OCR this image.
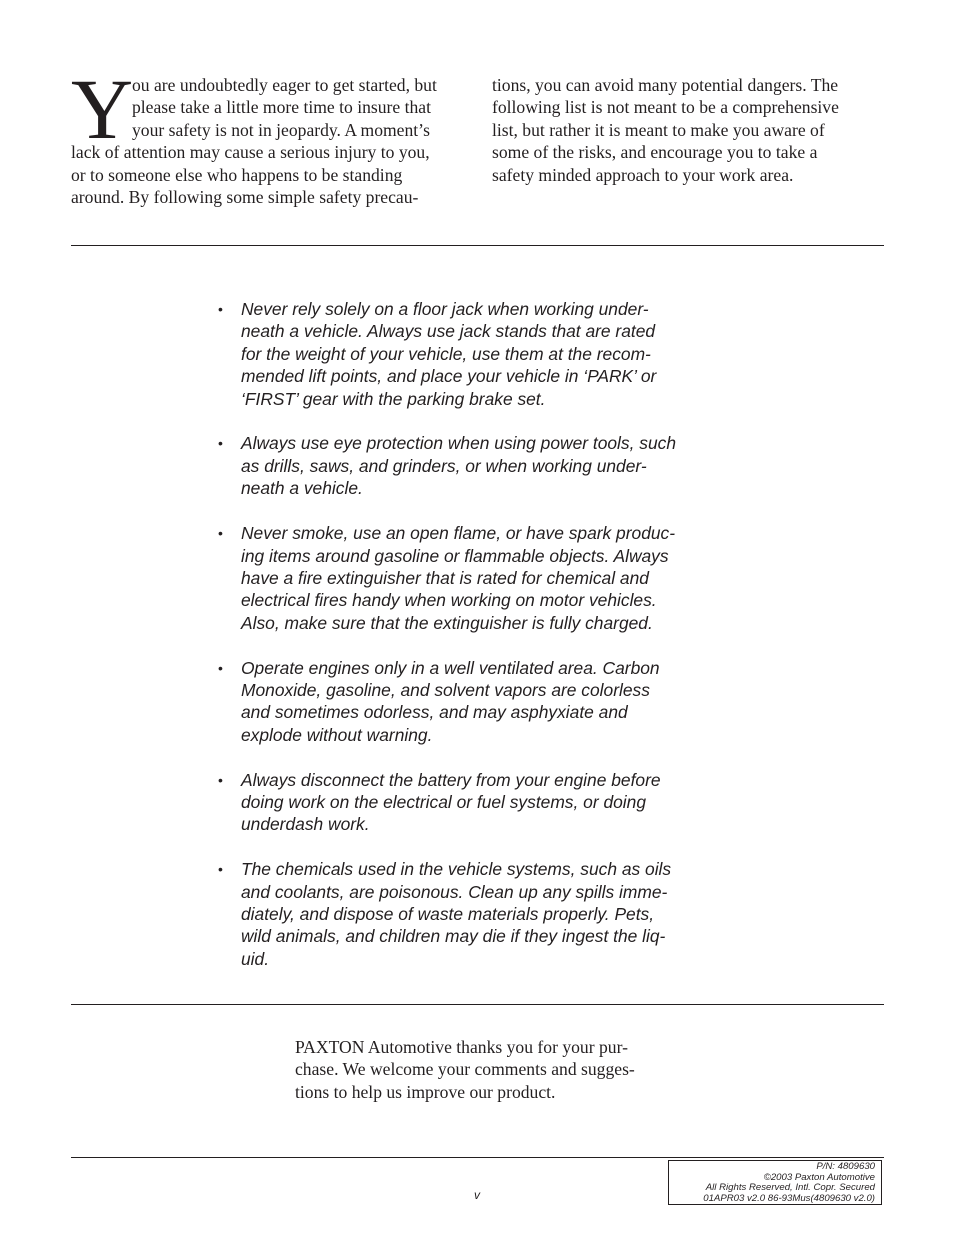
Y
ou are undoubtedly eager to get started, but
please take a little more time to insure that
your safety is not in jeopardy. A moment’s
lack of attention may cause a serious injury to you,
or to someone else who happens to be standing
around. By following some simple safety precau-
tions, you can avoid many potential dangers. The
following list is not meant to be a comprehensive
list, but rather it is meant to make you aware of
some of the risks, and encourage you to take a
safety minded approach to your work area.
• Never rely solely on a floor jack when working under-
neath a vehicle. Always use jack stands that are rated
for the weight of your vehicle, use them at the recom-
mended lift points, and place your vehicle in ‘PARK’ or
‘FIRST’ gear with the parking brake set.
• Always use eye protection when using power tools, such
as drills, saws, and grinders, or when working under-
neath a vehicle.
• Never smoke, use an open flame, or have spark produc-
ing items around gasoline or flammable objects. Always
have a fire extinguisher that is rated for chemical and
electrical fires handy when working on motor vehicles.
Also, make sure that the extinguisher is fully charged.
• Operate engines only in a well ventilated area. Carbon
Monoxide, gasoline, and solvent vapors are colorless
and sometimes odorless, and may asphyxiate and
explode without warning.
• Always disconnect the battery from your engine before
doing work on the electrical or fuel systems, or doing
underdash work.
• The chemicals used in the vehicle systems, such as oils
and coolants, are poisonous. Clean up any spills imme-
diately, and dispose of waste materials properly. Pets,
wild animals, and children may die if they ingest the liq-
uid.
PAXTON Automotive thanks you for your pur-
chase. We welcome your comments and sugges-
tions to help us improve our product.
v
P/N: 4809630
©2003 Paxton Automotive
All Rights Reserved, Intl. Copr. Secured
01APR03 v2.0 86-93Mus(4809630 v2.0)
